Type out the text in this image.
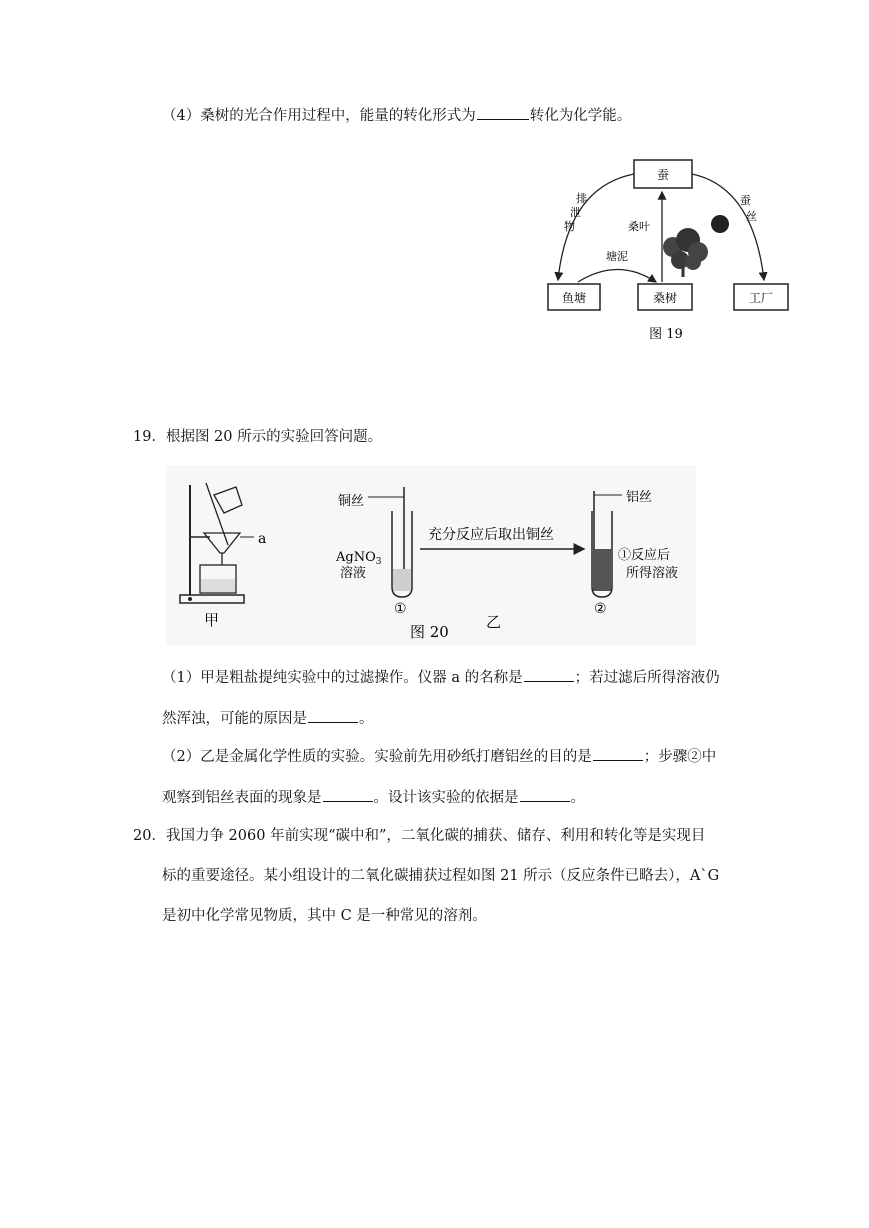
（4）桑树的光合作用过程中，能量的转化形式为	转化为化学能。
蚕
鱼塘	桑树	工厂
排
泄
物
蚕
丝
桑叶
塘泥
图 19
19．根据图 20 所示的实验回答问题。
a
甲
铜丝
AgNO$_3$
溶液
①
充分反应后取出铜丝
铝丝
①反应后
所得溶液
②
图 20
乙
（1）甲是粗盐提纯实验中的过滤操作。仪器 a 的名称是	；若过滤后所得溶液仍
然浑浊，可能的原因是	。
（2）乙是金属化学性质的实验。实验前先用砂纸打磨铝丝的目的是	；步骤②中
观察到铝丝表面的现象是	。设计该实验的依据是	。
20．我国力争 2060 年前实现“碳中和”，二氧化碳的捕获、储存、利用和转化等是实现目
标的重要途径。某小组设计的二氧化碳捕获过程如图 21 所示（反应条件已略去），A`G
是初中化学常见物质，其中 C 是一种常见的溶剂。
